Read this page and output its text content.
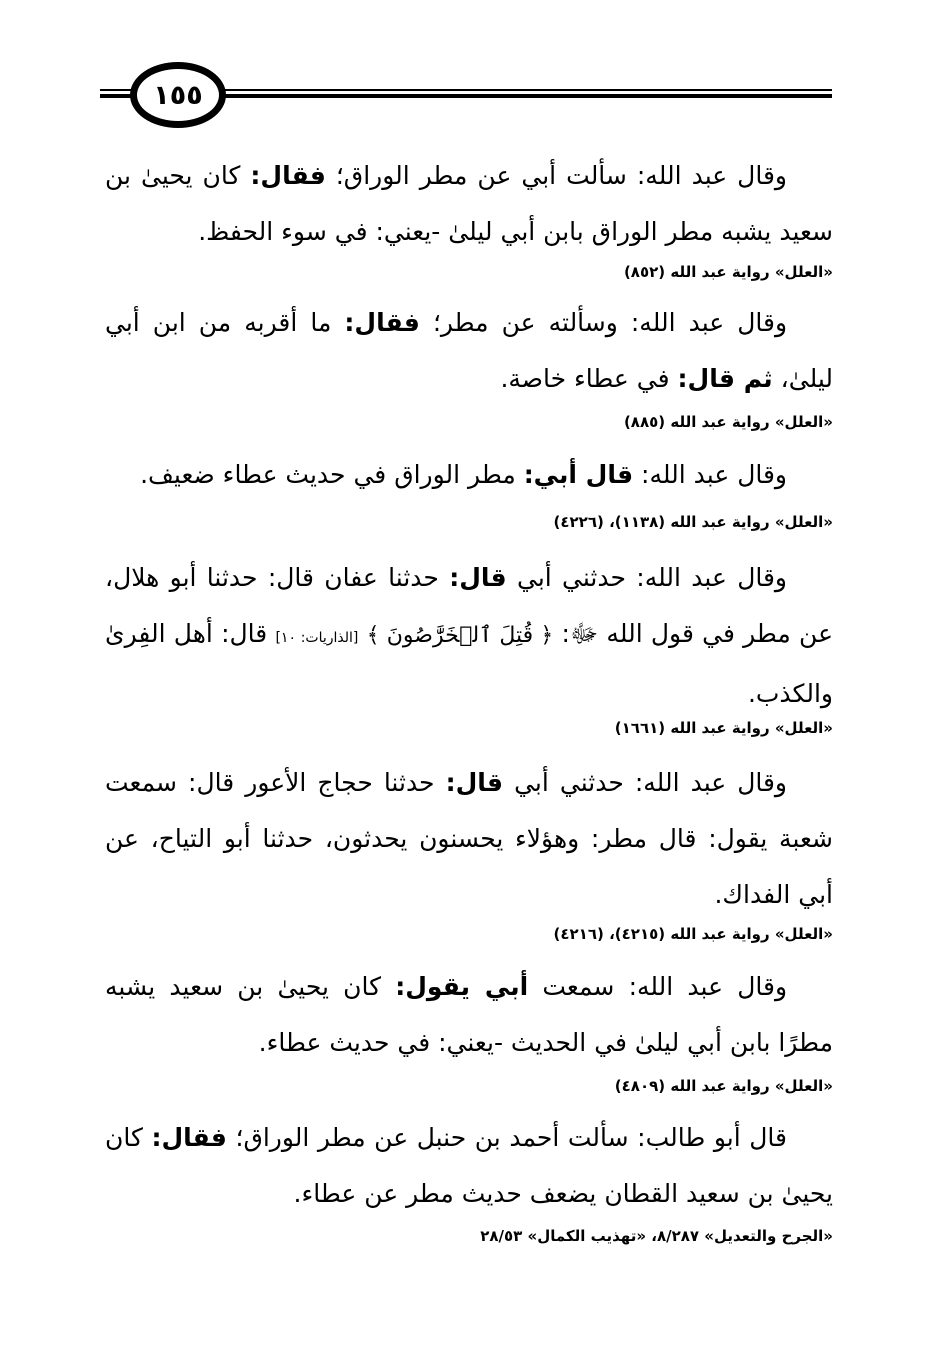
١٥٥
وقال عبد الله: سألت أبي عن مطر الوراق؛ فقال: كان يحيىٰ بن سعيد يشبه مطر الوراق بابن أبي ليلىٰ -يعني: في سوء الحفظ.
«العلل» رواية عبد الله (٨٥٢)
وقال عبد الله: وسألته عن مطر؛ فقال: ما أقربه من ابن أبي ليلىٰ، ثم قال: في عطاء خاصة.
«العلل» رواية عبد الله (٨٨٥)
وقال عبد الله: قال أبي: مطر الوراق في حديث عطاء ضعيف.
«العلل» رواية عبد الله (١١٣٨)، (٤٢٢٦)
وقال عبد الله: حدثني أبي قال: حدثنا عفان قال: حدثنا أبو هلال، عن مطر في قول الله ﷻ: ﴿ قُتِلَ ٱلۡخَرَّٰصُونَ ﴾ [الذاريات: ١٠] قال: أهل الفِرىٰ والكذب.
«العلل» رواية عبد الله (١٦٦١)
وقال عبد الله: حدثني أبي قال: حدثنا حجاج الأعور قال: سمعت شعبة يقول: قال مطر: وهؤلاء يحسنون يحدثون، حدثنا أبو التياح، عن أبي الفداك.
«العلل» رواية عبد الله (٤٢١٥)، (٤٢١٦)
وقال عبد الله: سمعت أبي يقول: كان يحيىٰ بن سعيد يشبه مطرًا بابن أبي ليلىٰ في الحديث -يعني: في حديث عطاء.
«العلل» رواية عبد الله (٤٨٠٩)
قال أبو طالب: سألت أحمد بن حنبل عن مطر الوراق؛ فقال: كان يحيىٰ بن سعيد القطان يضعف حديث مطر عن عطاء.
«الجرح والتعديل» ٨/٢٨٧، «تهذيب الكمال» ٢٨/٥٣
